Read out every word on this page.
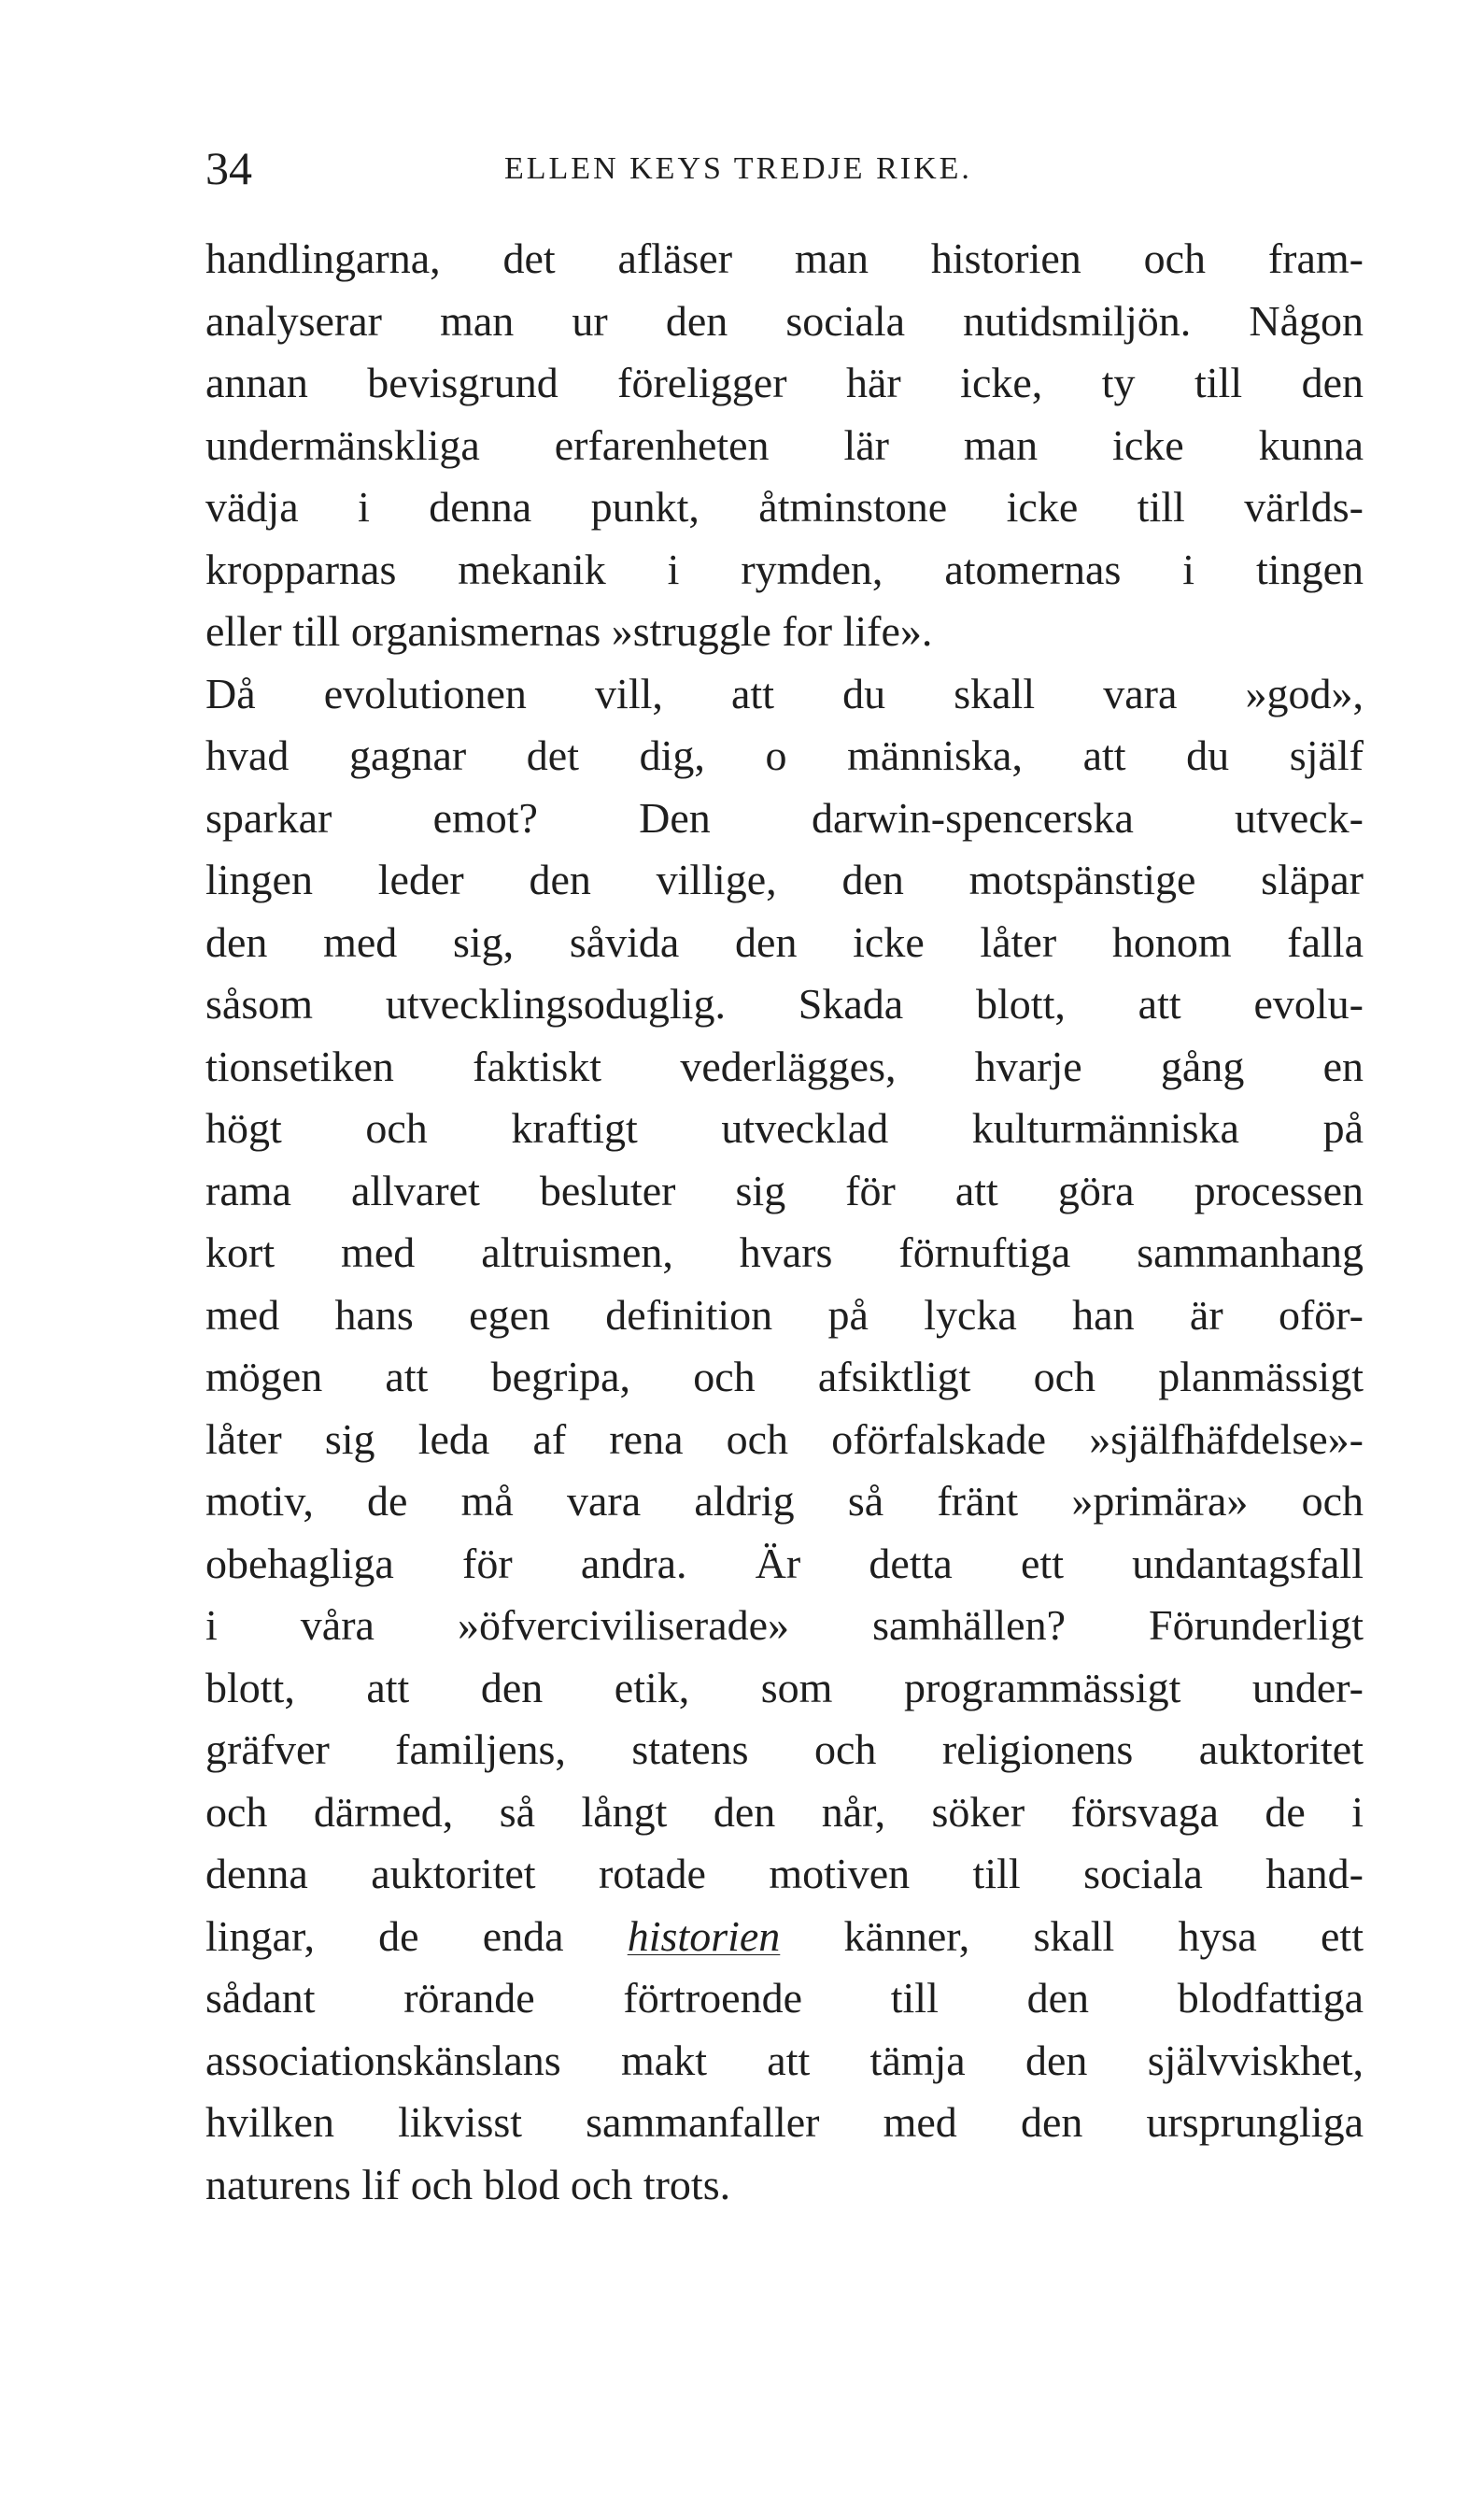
34	ELLEN KEYS TREDJE RIKE.
handlingarna, det afläser man historien och fram-
analyserar man ur den sociala nutidsmiljön. Någon
annan bevisgrund föreligger här icke, ty till den
undermänskliga erfarenheten lär man icke kunna
vädja i denna punkt, åtminstone icke till världs-
kropparnas mekanik i rymden, atomernas i tingen
eller till organismernas »struggle for life».
Då evolutionen vill, att du skall vara »god»,
hvad gagnar det dig, o människa, att du själf
sparkar emot? Den darwin-spencerska utveck-
lingen leder den villige, den motspänstige släpar
den med sig, såvida den icke låter honom falla
såsom utvecklingsoduglig. Skada blott, att evolu-
tionsetiken faktiskt vederlägges, hvarje gång en
högt och kraftigt utvecklad kulturmänniska på
rama allvaret besluter sig för att göra processen
kort med altruismen, hvars förnuftiga sammanhang
med hans egen definition på lycka han är oför-
mögen att begripa, och afsiktligt och planmässigt
låter sig leda af rena och oförfalskade »själfhäfdelse»-
motiv, de må vara aldrig så fränt »primära» och
obehagliga för andra. Är detta ett undantagsfall
i våra »öfverciviliserade» samhällen? Förunderligt
blott, att den etik, som programmässigt under-
gräfver familjens, statens och religionens auktoritet
och därmed, så långt den når, söker försvaga de i
denna auktoritet rotade motiven till sociala hand-
lingar, de enda historien känner, skall hysa ett
sådant rörande förtroende till den blodfattiga
associationskänslans makt att tämja den självviskhet,
hvilken likvisst sammanfaller med den ursprungliga
naturens lif och blod och trots.
